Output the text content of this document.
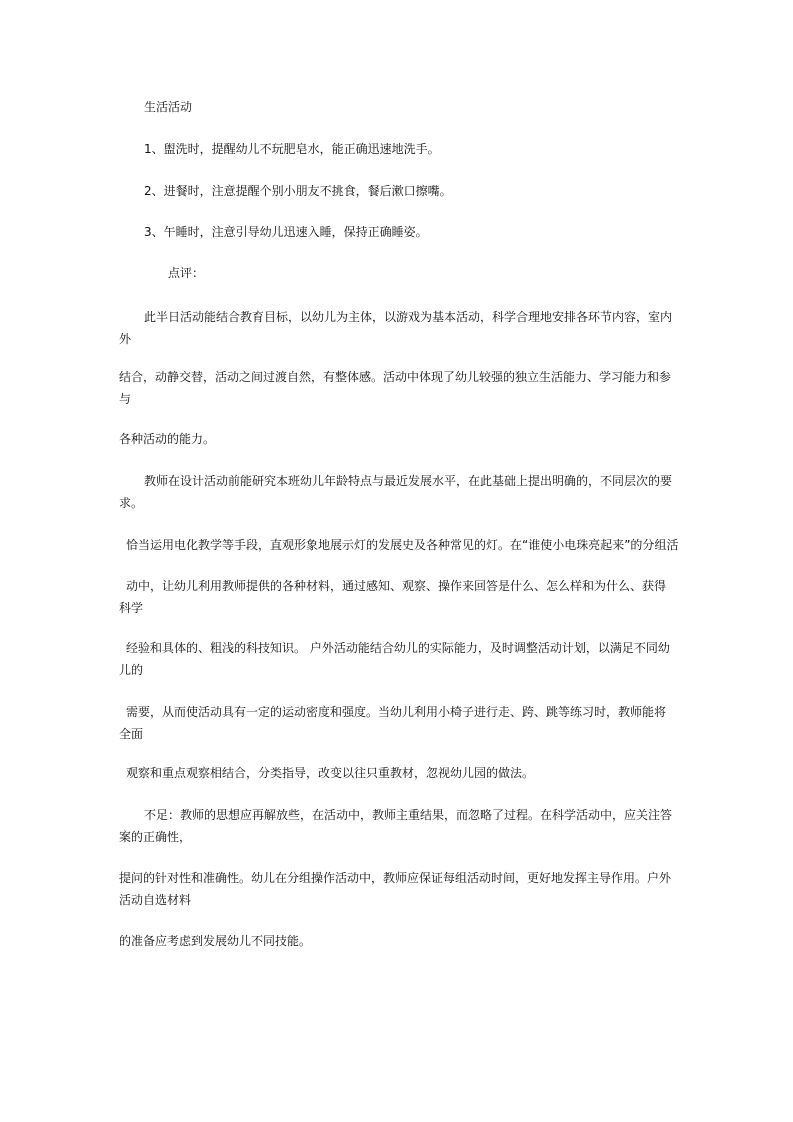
生活活动
1、盥洗时，提醒幼儿不玩肥皂水，能正确迅速地洗手。
2、进餐时，注意提醒个别小朋友不挑食，餐后漱口擦嘴。
3、午睡时，注意引导幼儿迅速入睡，保持正确睡姿。
点评：
此半日活动能结合教育目标，以幼儿为主体，以游戏为基本活动，科学合理地安排各环节内容，室内
外
结合，动静交替，活动之间过渡自然，有整体感。活动中体现了幼儿较强的独立生活能力、学习能力和参
与
各种活动的能力。
教师在设计活动前能研究本班幼儿年龄特点与最近发展水平，在此基础上提出明确的，不同层次的要
求。
恰当运用电化教学等手段，直观形象地展示灯的发展史及各种常见的灯。在“谁使小电珠亮起来”的分组活
动中，让幼儿利用教师提供的各种材料，通过感知、观察、操作来回答是什么、怎么样和为什么、获得
科学
经验和具体的、粗浅的科技知识。 户外活动能结合幼儿的实际能力，及时调整活动计划，以满足不同幼
儿的
需要，从而使活动具有一定的运动密度和强度。当幼儿利用小椅子进行走、跨、跳等练习时，教师能将
全面
观察和重点观察相结合，分类指导，改变以往只重教材，忽视幼儿园的做法。
不足：教师的思想应再解放些，在活动中，教师主重结果，而忽略了过程。在科学活动中，应关注答
案的正确性，
提问的针对性和准确性。幼儿在分组操作活动中，教师应保证每组活动时间，更好地发挥主导作用。户外
活动自选材料
的准备应考虑到发展幼儿不同技能。
